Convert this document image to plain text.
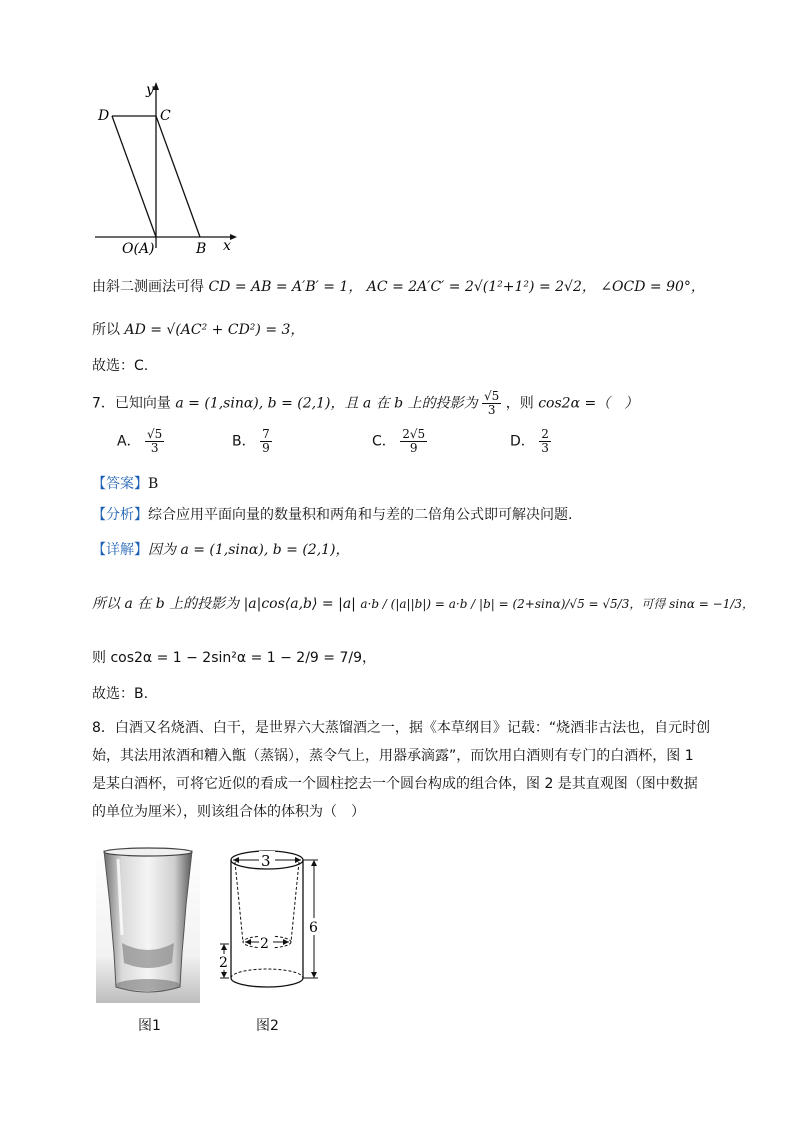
y
x
D	C
O(A)	B
由斜二测画法可得 CD = AB = A′B′ = 1， AC = 2A′C′ = 2√(1²+1²) = 2√2， ∠OCD = 90°，
所以 AD = √(AC² + CD²) = 3，
故选：C.
7．已知向量 a = (1,sinα), b = (2,1)，且 a 在 b 上的投影为 $\frac{√5}{3}$ ，则 cos2α =（　）
A． $\frac{√5}{3}$	B． $\frac{7}{9}$	C． $\frac{2√5}{9}$	D． $\frac{2}{3}$
【答案】B
【分析】综合应用平面向量的数量积和两角和与差的二倍角公式即可解决问题.
【详解】因为 a = (1,sinα), b = (2,1)，
所以 a 在 b 上的投影为 |a|cos⟨a,b⟩ = |a| a·b / (|a||b|) = a·b / |b| = (2+sinα)/√5 = √5/3，可得 sinα = −1/3，
则 cos2α = 1 − 2sin²α = 1 − 2/9 = 7/9，
故选：B.
8．白酒又名烧酒、白干，是世界六大蒸馏酒之一，据《本草纲目》记载：“烧酒非古法也，自元时创
始，其法用浓酒和糟入甑（蒸锅），蒸令气上，用器承滴露”，而饮用白酒则有专门的白酒杯，图 1
是某白酒杯，可将它近似的看成一个圆柱挖去一个圆台构成的组合体，图 2 是其直观图（图中数据
的单位为厘米），则该组合体的体积为（　）
3
2
6
2
图1	图2
